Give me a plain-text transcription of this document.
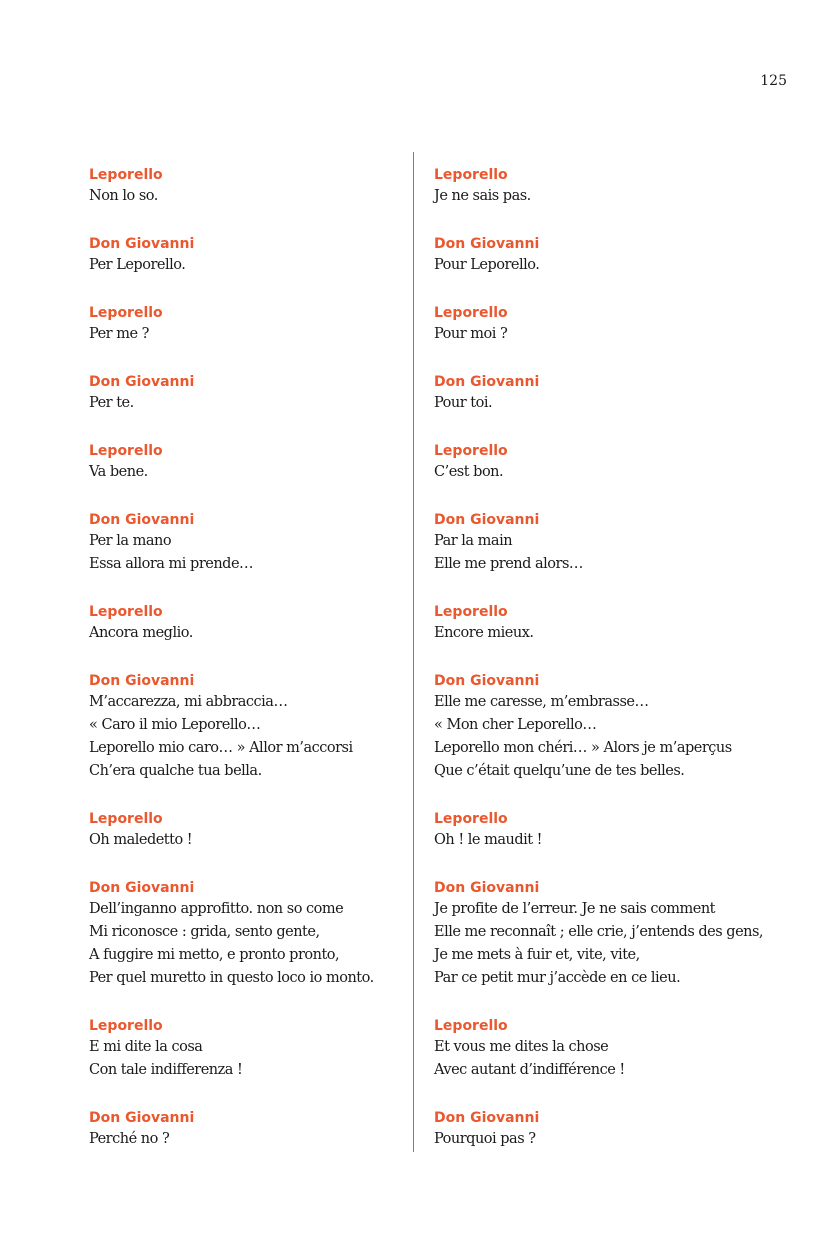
125
Leporello
Non lo so.
Don Giovanni
Per Leporello.
Leporello
Per me ?
Don Giovanni
Per te.
Leporello
Va bene.
Don Giovanni
Per la mano
Essa allora mi prende…
Leporello
Ancora meglio.
Don Giovanni
M’accarezza, mi abbraccia…
« Caro il mio Leporello…
Leporello mio caro… » Allor m’accorsi
Ch’era qualche tua bella.
Leporello
Oh maledetto !
Don Giovanni
Dell’inganno approfitto. non so come
Mi riconosce : grida, sento gente,
A fuggire mi metto, e pronto pronto,
Per quel muretto in questo loco io monto.
Leporello
E mi dite la cosa
Con tale indifferenza !
Don Giovanni
Perché no ?
Leporello
Je ne sais pas.
Don Giovanni
Pour Leporello.
Leporello
Pour moi ?
Don Giovanni
Pour toi.
Leporello
C’est bon.
Don Giovanni
Par la main
Elle me prend alors…
Leporello
Encore mieux.
Don Giovanni
Elle me caresse, m’embrasse…
« Mon cher Leporello…
Leporello mon chéri… » Alors je m’aperçus
Que c’était quelqu’une de tes belles.
Leporello
Oh ! le maudit !
Don Giovanni
Je profite de l’erreur. Je ne sais comment
Elle me reconnaît ; elle crie, j’entends des gens,
Je me mets à fuir et, vite, vite,
Par ce petit mur j’accède en ce lieu.
Leporello
Et vous me dites la chose
Avec autant d’indifférence !
Don Giovanni
Pourquoi pas ?
